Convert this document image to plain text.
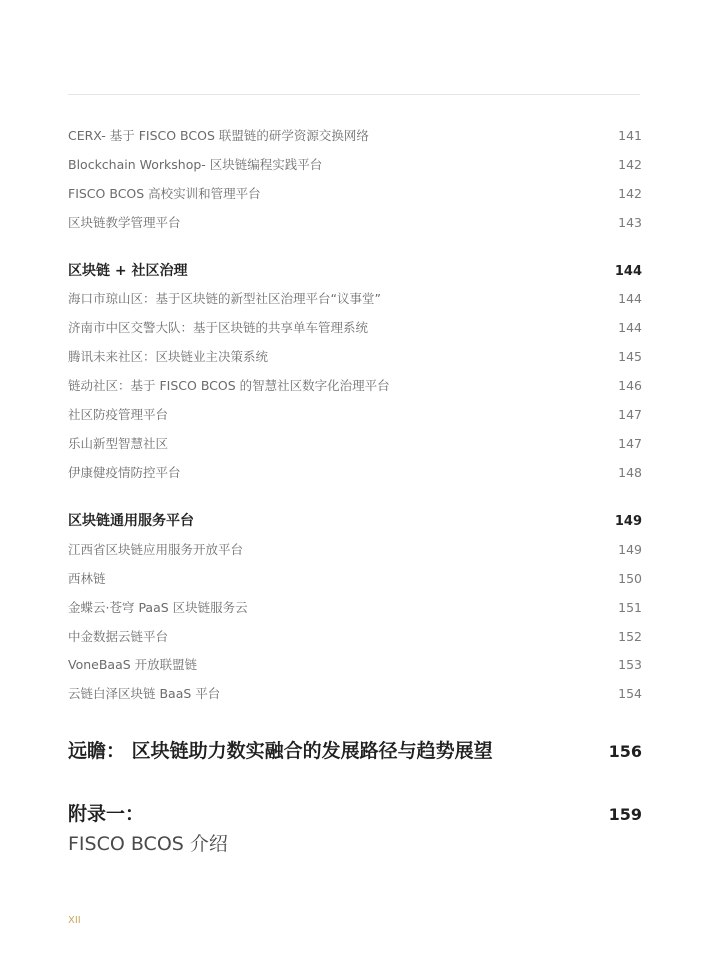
CERX- 基于 FISCO BCOS 联盟链的研学资源交换网络	141
Blockchain Workshop- 区块链编程实践平台	142
FISCO BCOS 高校实训和管理平台	142
区块链教学管理平台	143
区块链 + 社区治理	144
海口市琼山区：基于区块链的新型社区治理平台“议事堂”	144
济南市中区交警大队：基于区块链的共享单车管理系统	144
腾讯未来社区：区块链业主决策系统	145
链动社区：基于 FISCO BCOS 的智慧社区数字化治理平台	146
社区防疫管理平台	147
乐山新型智慧社区	147
伊康健疫情防控平台	148
区块链通用服务平台	149
江西省区块链应用服务开放平台	149
西林链	150
金蝶云·苍穹 PaaS 区块链服务云	151
中金数据云链平台	152
VoneBaaS 开放联盟链	153
云链白泽区块链 BaaS 平台	154
远瞻： 区块链助力数实融合的发展路径与趋势展望	156
附录一：	159
FISCO BCOS 介绍
XII
